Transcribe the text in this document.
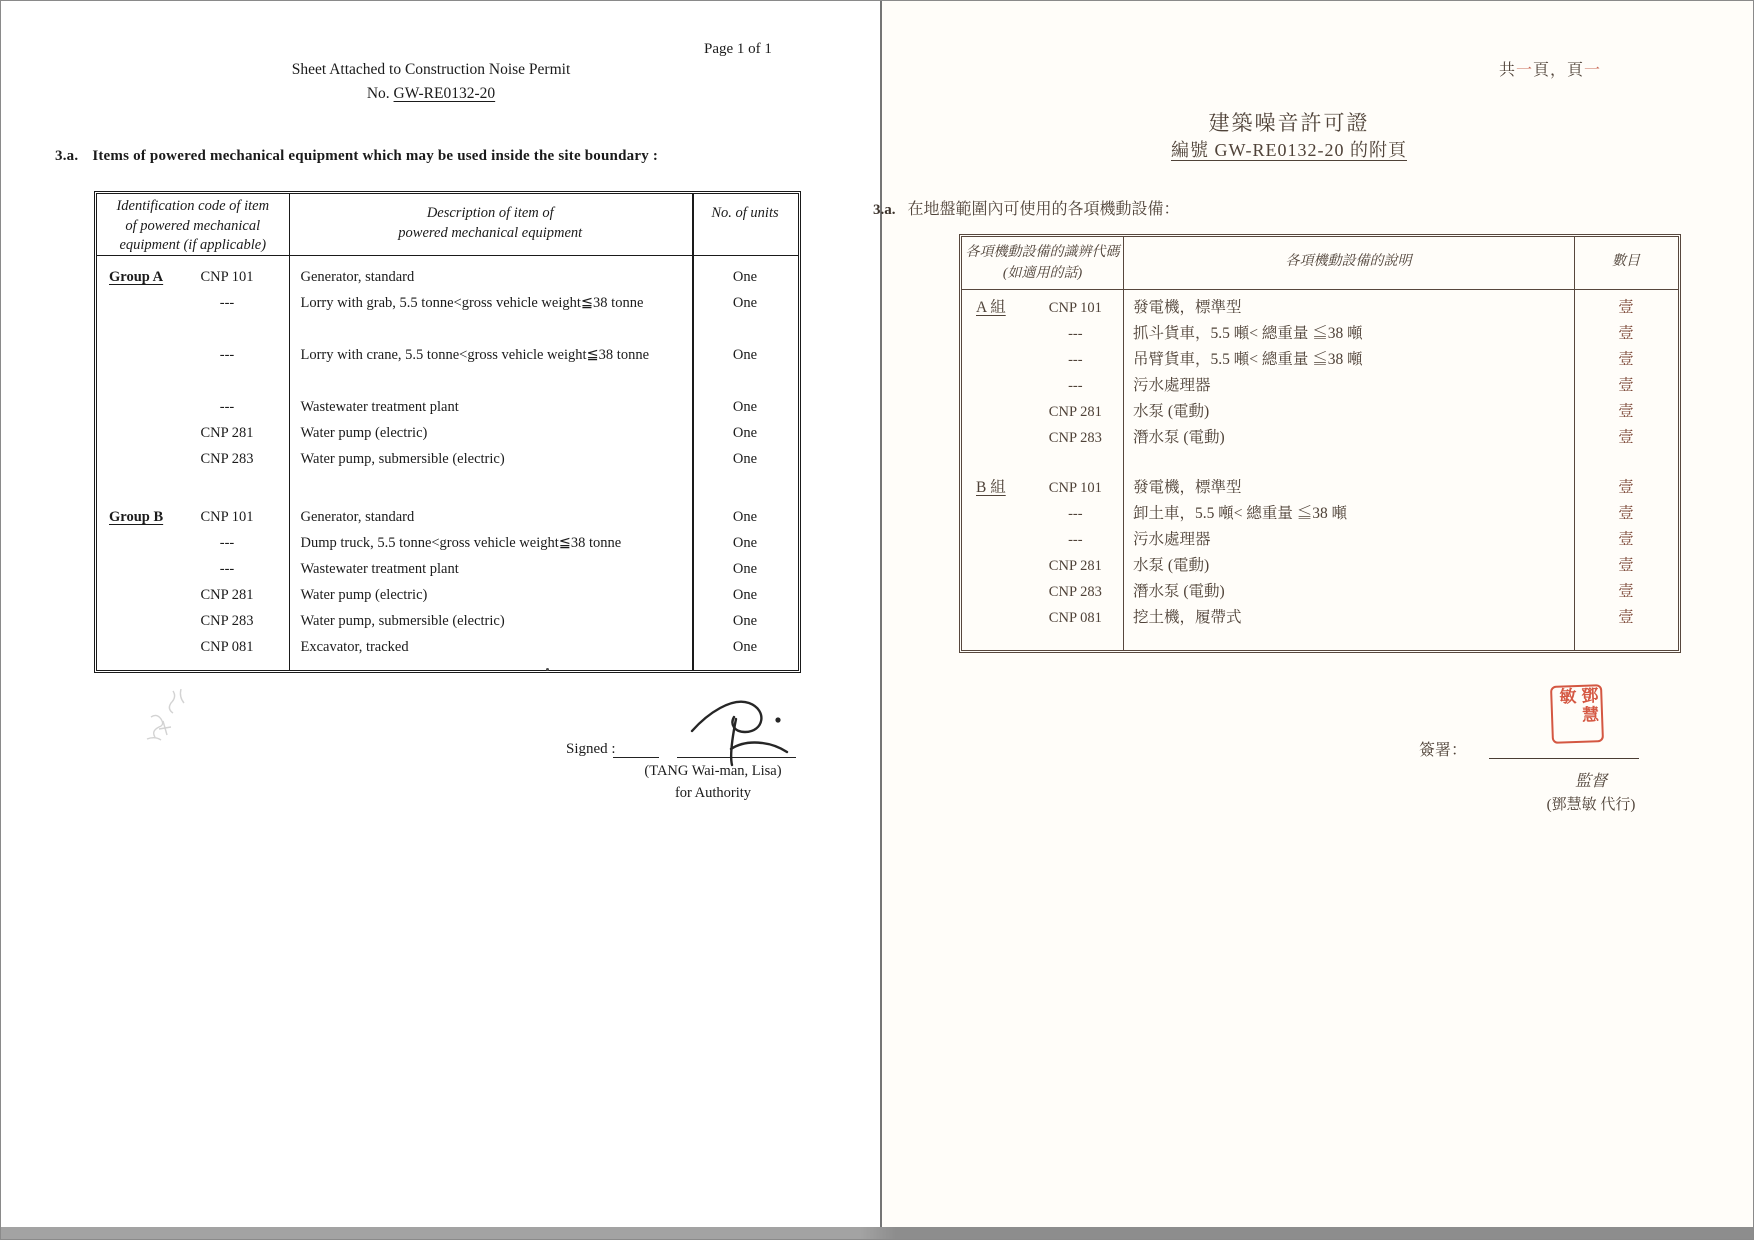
Page 1 of 1
Sheet Attached to Construction Noise Permit
No. GW-RE0132-20
3.a. Items of powered mechanical equipment which may be used inside the site boundary :
Identification code of item
of powered mechanical
equipment (if applicable)
Description of item of
powered mechanical equipment
No. of units
Group A	CNP 101	Generator, standard	One
---	Lorry with grab, 5.5 tonne<gross vehicle weight≦38 tonne	One
---	Lorry with crane, 5.5 tonne<gross vehicle weight≦38 tonne	One
---	Wastewater treatment plant	One
CNP 281	Water pump (electric)	One
CNP 283	Water pump, submersible (electric)	One
Group B	CNP 101	Generator, standard	One
---	Dump truck, 5.5 tonne<gross vehicle weight≦38 tonne	One
---	Wastewater treatment plant	One
CNP 281	Water pump (electric)	One
CNP 283	Water pump, submersible (electric)	One
CNP 081	Excavator, tracked	One
Signed :
(TANG Wai-man, Lisa)
for Authority
共一頁，頁一
建築噪音許可證
編號 GW-RE0132-20 的附頁
3.a. 在地盤範圍內可使用的各項機動設備：
各項機動設備的識辨代碼
(如適用的話)
各項機動設備的說明	數目
A 組	CNP 101	發電機，標準型	壹
---	抓斗貨車，5.5 噸< 總重量 ≦38 噸	壹
---	吊臂貨車，5.5 噸< 總重量 ≦38 噸	壹
---	污水處理器	壹
CNP 281	水泵 (電動)	壹
CNP 283	潛水泵 (電動)	壹
B 組	CNP 101	發電機，標準型	壹
---	卸土車，5.5 噸< 總重量 ≦38 噸	壹
---	污水處理器	壹
CNP 281	水泵 (電動)	壹
CNP 283	潛水泵 (電動)	壹
CNP 081	挖土機，履帶式	壹
簽署：
鄧慧敏
監督
(鄧慧敏 代行)
